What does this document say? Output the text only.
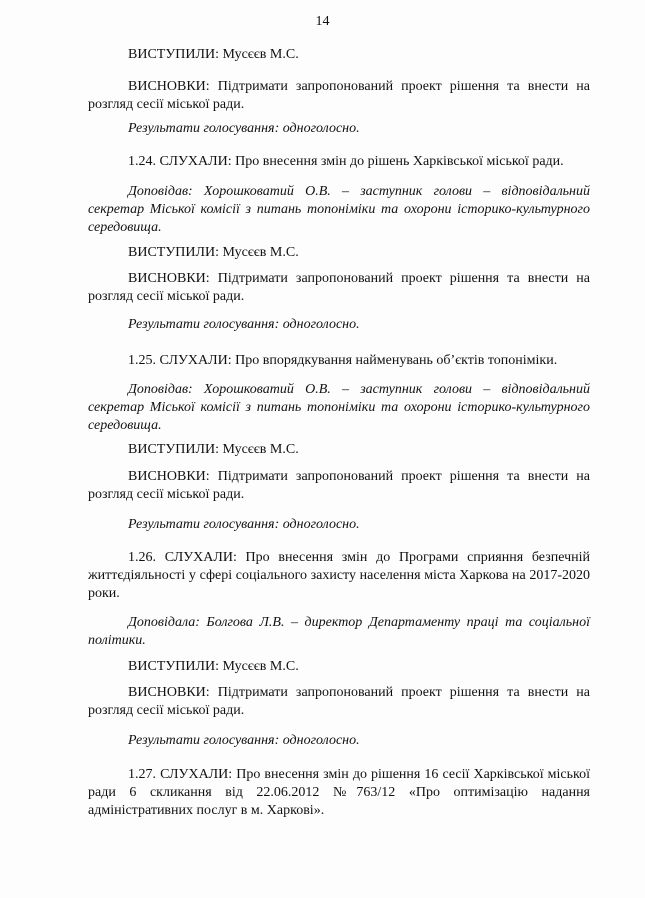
14
ВИСТУПИЛИ: Мусєєв М.С.
ВИСНОВКИ: Підтримати запропонований проект рішення та внести на розгляд сесії міської ради.
Результати голосування: одноголосно.
1.24. СЛУХАЛИ: Про внесення змін до рішень Харківської міської ради.
Доповідав: Хорошковатий О.В. – заступник голови – відповідальний секретар Міської комісії з питань топоніміки та охорони історико-культурного середовища.
ВИСТУПИЛИ: Мусєєв М.С.
ВИСНОВКИ: Підтримати запропонований проект рішення та внести на розгляд сесії міської ради.
Результати голосування: одноголосно.
1.25. СЛУХАЛИ: Про впорядкування найменувань об’єктів топоніміки.
Доповідав: Хорошковатий О.В. – заступник голови – відповідальний секретар Міської комісії з питань топоніміки та охорони історико-культурного середовища.
ВИСТУПИЛИ: Мусєєв М.С.
ВИСНОВКИ: Підтримати запропонований проект рішення та внести на розгляд сесії міської ради.
Результати голосування: одноголосно.
1.26. СЛУХАЛИ: Про внесення змін до Програми сприяння безпечній життєдіяльності у сфері соціального захисту населення міста Харкова на 2017-2020 роки.
Доповідала: Болгова Л.В. – директор Департаменту праці та соціальної політики.
ВИСТУПИЛИ: Мусєєв М.С.
ВИСНОВКИ: Підтримати запропонований проект рішення та внести на розгляд сесії міської ради.
Результати голосування: одноголосно.
1.27. СЛУХАЛИ: Про внесення змін до рішення 16 сесії Харківської міської ради 6 скликання від 22.06.2012 №763/12 «Про оптимізацію надання адміністративних послуг в м. Харкові».
